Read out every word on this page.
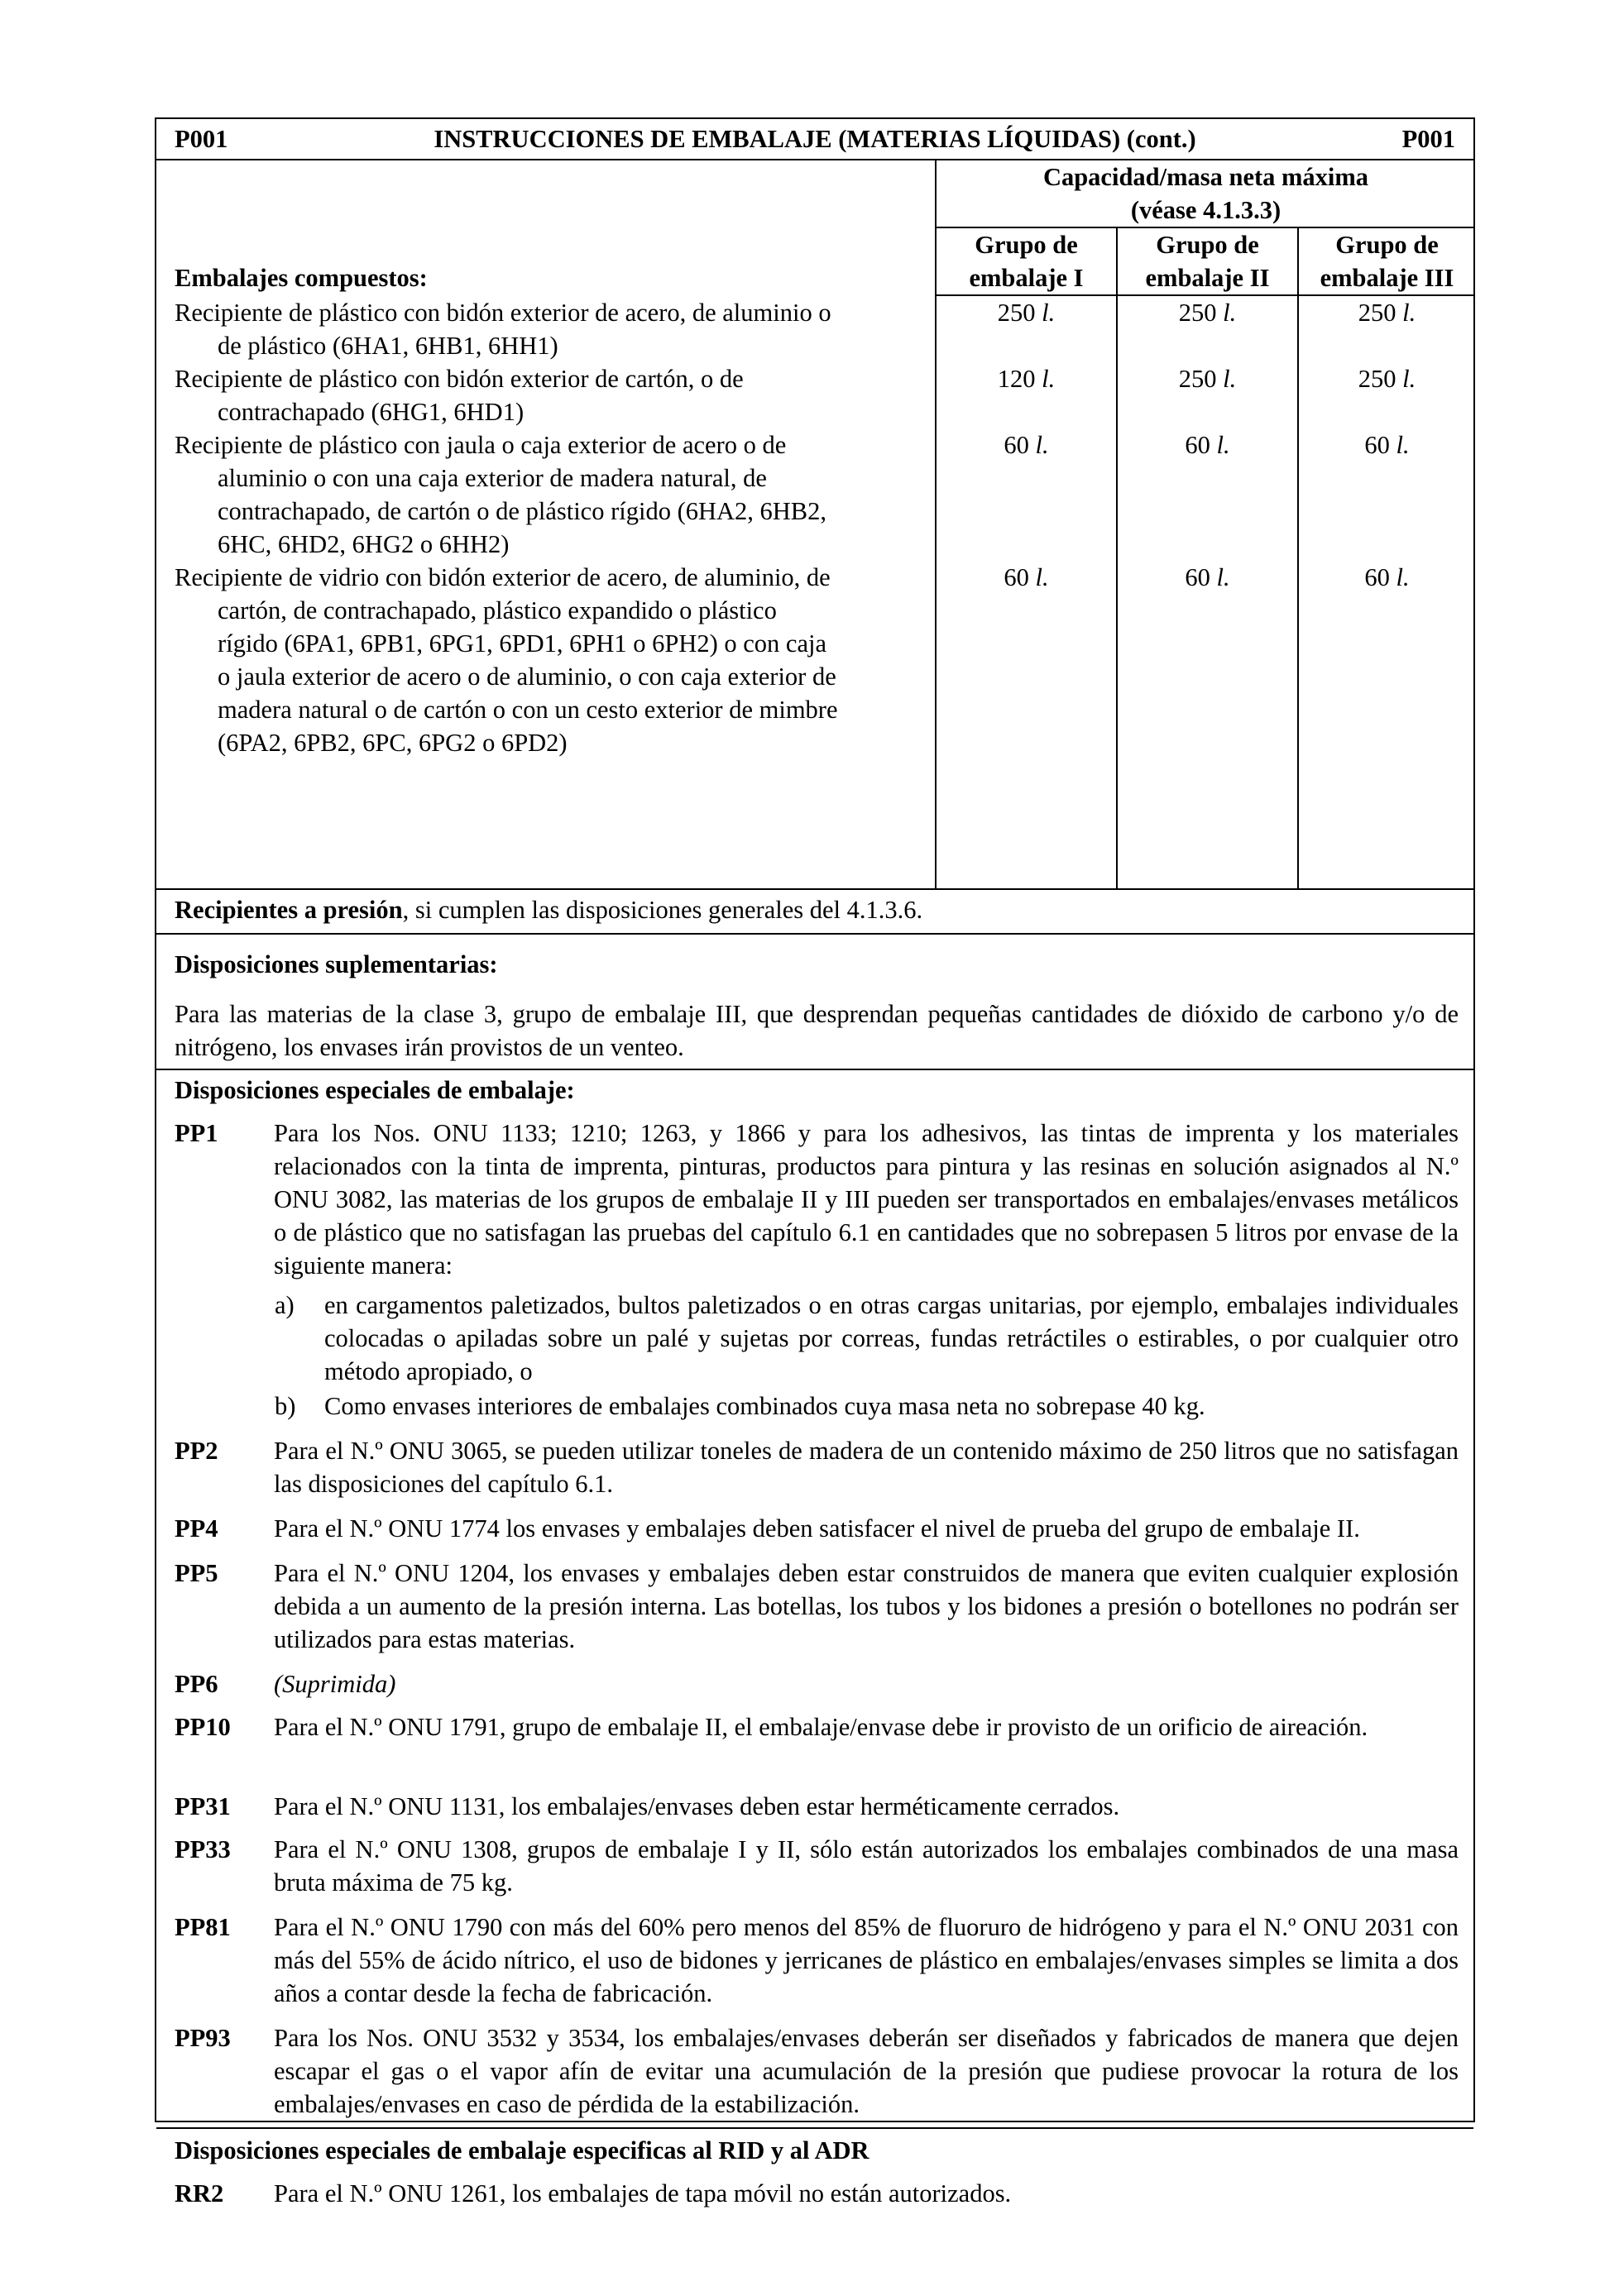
INSTRUCCIONES DE EMBALAJE (MATERIAS LÍQUIDAS) (cont.)
P001	P001
Capacidad/masa neta máxima
(véase 4.1.3.3)
Embalajes compuestos:
Grupo de
embalaje I
Grupo de
embalaje II
Grupo de
embalaje III
Recipiente de plástico con bidón exterior de acero, de aluminio o
de plástico (6HA1, 6HB1, 6HH1)
250 l.	250 l.	250 l.
Recipiente de plástico con bidón exterior de cartón, o de
contrachapado (6HG1, 6HD1)
120 l.	250 l.	250 l.
Recipiente de plástico con jaula o caja exterior de acero o de
aluminio o con una caja exterior de madera natural, de
contrachapado, de cartón o de plástico rígido (6HA2, 6HB2,
6HC, 6HD2, 6HG2 o 6HH2)
60 l.	60 l.	60 l.
Recipiente de vidrio con bidón exterior de acero, de aluminio, de
cartón, de contrachapado, plástico expandido o plástico
rígido (6PA1, 6PB1, 6PG1, 6PD1, 6PH1 o 6PH2) o con caja
o jaula exterior de acero o de aluminio, o con caja exterior de
madera natural o de cartón o con un cesto exterior de mimbre
(6PA2, 6PB2, 6PC, 6PG2 o 6PD2)
60 l.	60 l.	60 l.
Recipientes a presión, si cumplen las disposiciones generales del 4.1.3.6.
Disposiciones suplementarias:
Para las materias de la clase 3, grupo de embalaje III, que desprendan pequeñas cantidades de dióxido de carbono y/o de nitrógeno, los envases irán provistos de un venteo.
Disposiciones especiales de embalaje:
PP1 Para los Nos. ONU 1133; 1210; 1263, y 1866 y para los adhesivos, las tintas de imprenta y los materiales relacionados con la tinta de imprenta, pinturas, productos para pintura y las resinas en solución asignados al N.º ONU 3082, las materias de los grupos de embalaje II y III pueden ser transportados en embalajes/envases metálicos o de plástico que no satisfagan las pruebas del capítulo 6.1 en cantidades que no sobrepasen 5 litros por envase de la siguiente manera:
a) en cargamentos paletizados, bultos paletizados o en otras cargas unitarias, por ejemplo, embalajes individuales colocadas o apiladas sobre un palé y sujetas por correas, fundas retráctiles o estirables, o por cualquier otro método apropiado, o
b) Como envases interiores de embalajes combinados cuya masa neta no sobrepase 40 kg.
PP2 Para el N.º ONU 3065, se pueden utilizar toneles de madera de un contenido máximo de 250 litros que no satisfagan las disposiciones del capítulo 6.1.
PP4 Para el N.º ONU 1774 los envases y embalajes deben satisfacer el nivel de prueba del grupo de embalaje II.
PP5 Para el N.º ONU 1204, los envases y embalajes deben estar construidos de manera que eviten cualquier explosión debida a un aumento de la presión interna. Las botellas, los tubos y los bidones a presión o botellones no podrán ser utilizados para estas materias.
PP6 (Suprimida)
PP10 Para el N.º ONU 1791, grupo de embalaje II, el embalaje/envase debe ir provisto de un orificio de aireación.
PP31 Para el N.º ONU 1131, los embalajes/envases deben estar herméticamente cerrados.
PP33 Para el N.º ONU 1308, grupos de embalaje I y II, sólo están autorizados los embalajes combinados de una masa bruta máxima de 75 kg.
PP81 Para el N.º ONU 1790 con más del 60% pero menos del 85% de fluoruro de hidrógeno y para el N.º ONU 2031 con más del 55% de ácido nítrico, el uso de bidones y jerricanes de plástico en embalajes/envases simples se limita a dos años a contar desde la fecha de fabricación.
PP93 Para los Nos. ONU 3532 y 3534, los embalajes/envases deberán ser diseñados y fabricados de manera que dejen escapar el gas o el vapor afín de evitar una acumulación de la presión que pudiese provocar la rotura de los embalajes/envases en caso de pérdida de la estabilización.
Disposiciones especiales de embalaje especificas al RID y al ADR
RR2 Para el N.º ONU 1261, los embalajes de tapa móvil no están autorizados.
